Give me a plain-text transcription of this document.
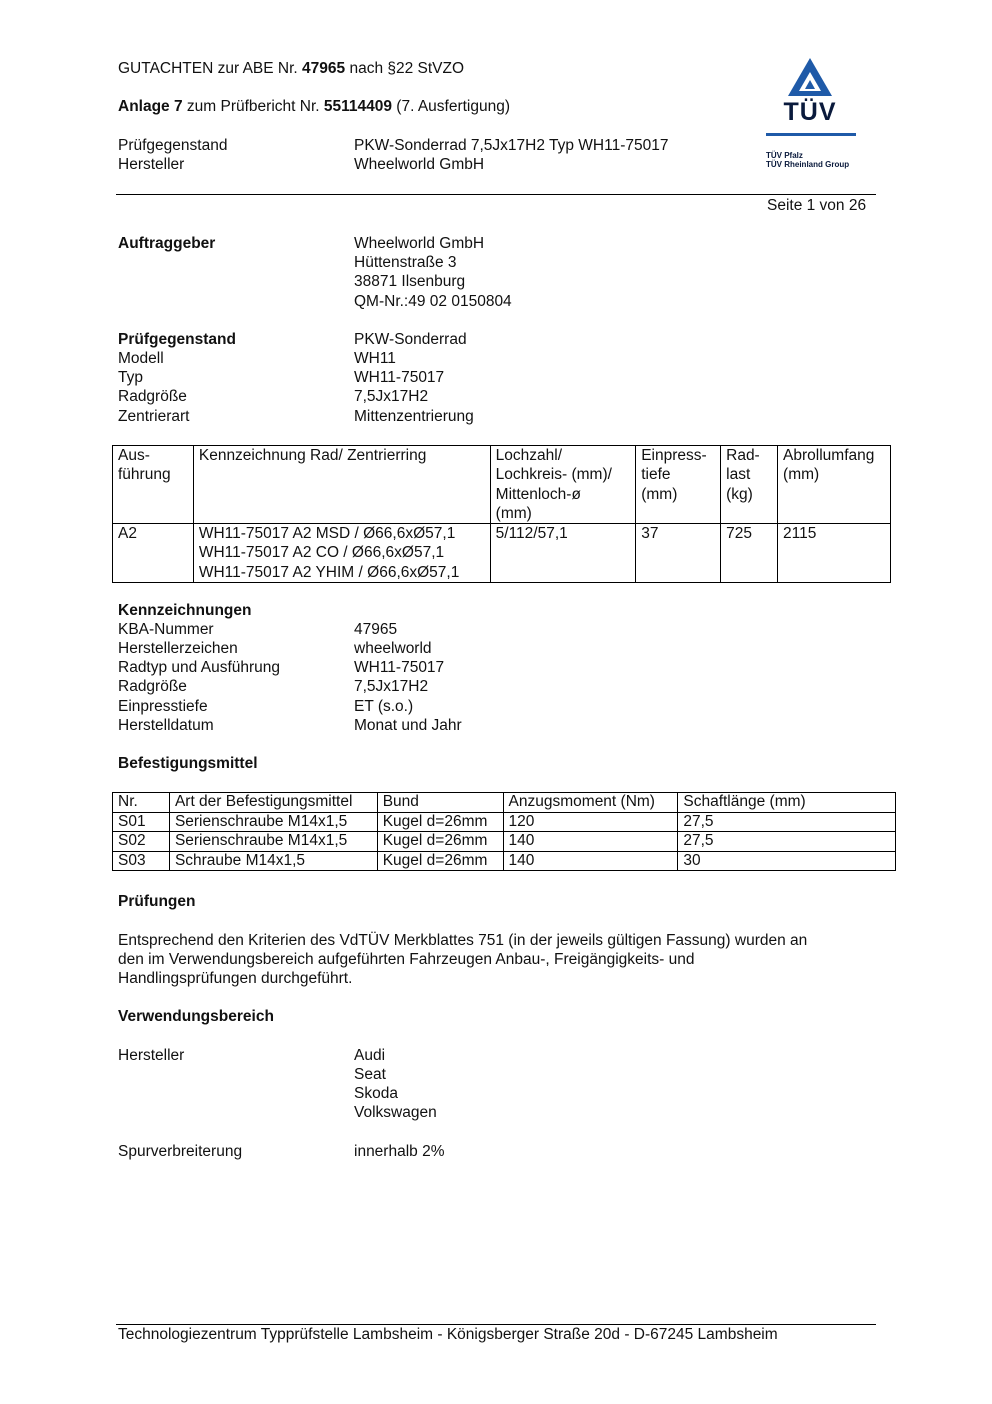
GUTACHTEN zur ABE Nr. 47965 nach §22 StVZO
Anlage 7 zum Prüfbericht Nr. 55114409 (7. Ausfertigung)
Prüfgegenstand	PKW-Sonderrad 7,5Jx17H2 Typ WH11-75017
Hersteller	Wheelworld GmbH
TÜV
TÜV Pfalz
TÜV Rheinland Group
Seite 1 von 26
Auftraggeber	Wheelworld GmbH
Hüttenstraße 3
38871 Ilsenburg
QM-Nr.:49 02 0150804
Prüfgegenstand	PKW-Sonderrad
Modell	WH11
Typ	WH11-75017
Radgröße	7,5Jx17H2
Zentrierart	Mittenzentrierung
Aus-
führung	Kennzeichnung Rad/ Zentrierring	Lochzahl/
Lochkreis- (mm)/
Mittenloch-ø
(mm)	Einpress-
tiefe
(mm)	Rad-
last
(kg)	Abrollumfang
(mm)
A2	WH11-75017 A2 MSD / Ø66,6xØ57,1
WH11-75017 A2 CO / Ø66,6xØ57,1
WH11-75017 A2 YHIM / Ø66,6xØ57,1	5/112/57,1	37	725	2115
Kennzeichnungen
KBA-Nummer	47965
Herstellerzeichen	wheelworld
Radtyp und Ausführung	WH11-75017
Radgröße	7,5Jx17H2
Einpresstiefe	ET (s.o.)
Herstelldatum	Monat und Jahr
Befestigungsmittel
Nr.	Art der Befestigungsmittel	Bund	Anzugsmoment (Nm)	Schaftlänge (mm)
S01	Serienschraube M14x1,5	Kugel d=26mm	120	27,5
S02	Serienschraube M14x1,5	Kugel d=26mm	140	27,5
S03	Schraube M14x1,5	Kugel d=26mm	140	30
Prüfungen
Entsprechend den Kriterien des VdTÜV Merkblattes 751 (in der jeweils gültigen Fassung) wurden an
den im Verwendungsbereich aufgeführten Fahrzeugen Anbau-, Freigängigkeits- und
Handlingsprüfungen durchgeführt.
Verwendungsbereich
Hersteller	Audi
Seat
Skoda
Volkswagen
Spurverbreiterung	innerhalb 2%
Technologiezentrum Typprüfstelle Lambsheim - Königsberger Straße 20d - D-67245 Lambsheim
